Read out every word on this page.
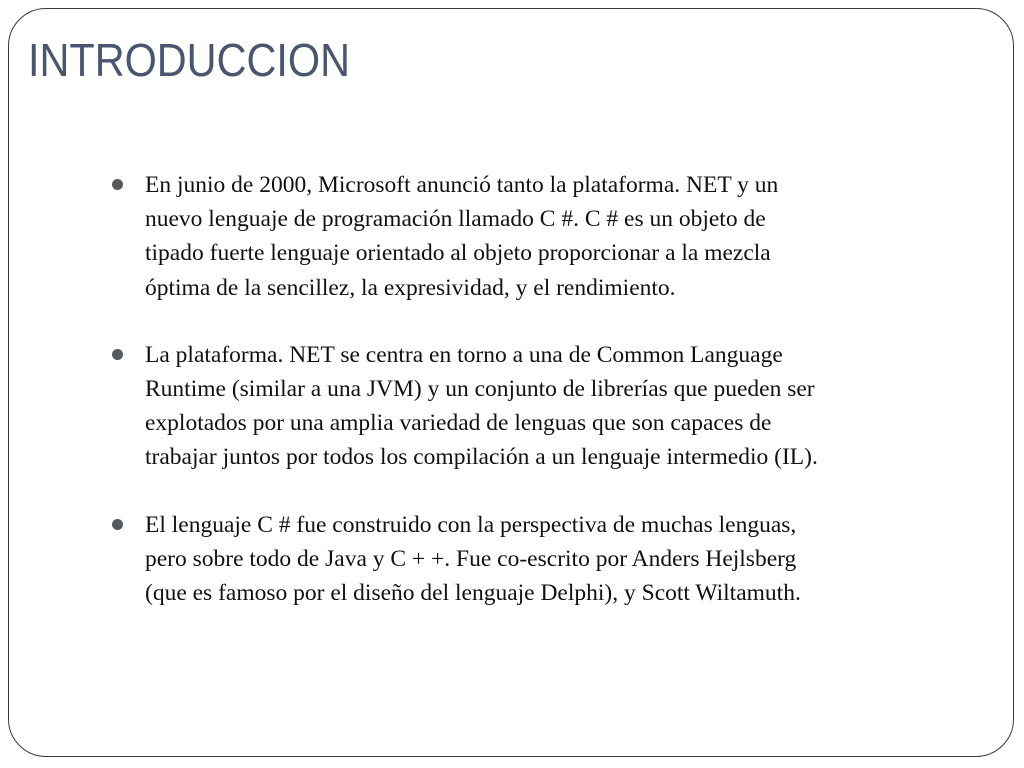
INTRODUCCION
En junio de 2000, Microsoft anunció tanto la plataforma. NET y un
nuevo lenguaje de programación llamado C #. C # es un objeto de
tipado fuerte lenguaje orientado al objeto proporcionar a la mezcla
óptima de la sencillez, la expresividad, y el rendimiento.
La plataforma. NET se centra en torno a una de Common Language
Runtime (similar a una JVM) y un conjunto de librerías que pueden ser
explotados por una amplia variedad de lenguas que son capaces de
trabajar juntos por todos los compilación a un lenguaje intermedio (IL).
El lenguaje C # fue construido con la perspectiva de muchas lenguas,
pero sobre todo de Java y C + +. Fue co-escrito por Anders Hejlsberg
(que es famoso por el diseño del lenguaje Delphi), y Scott Wiltamuth.
